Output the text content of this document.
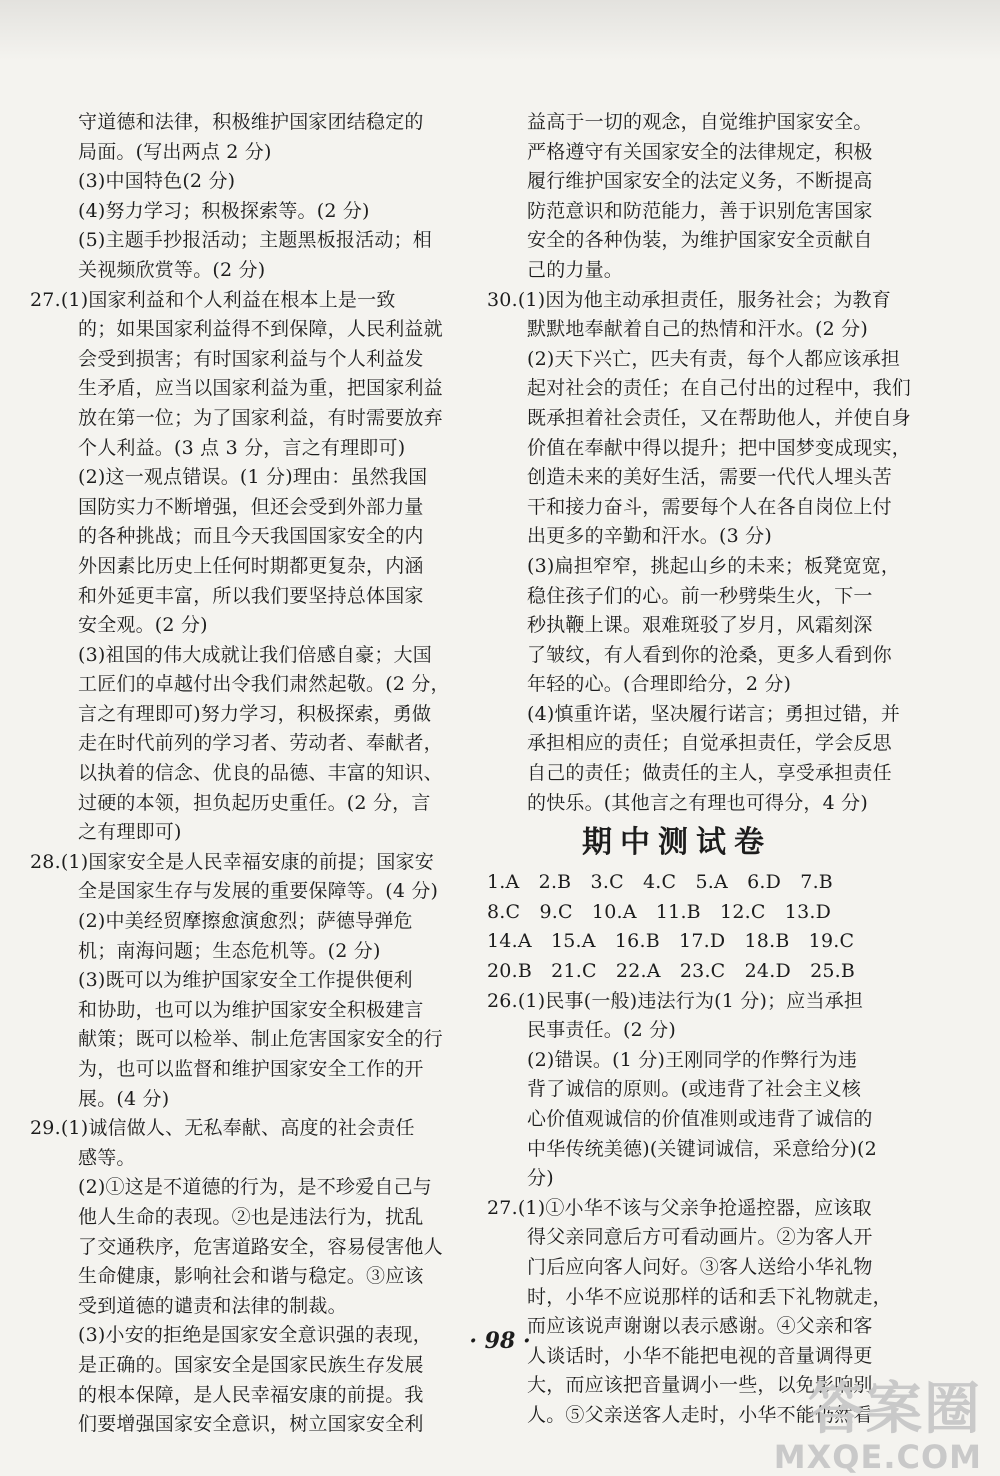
守道德和法律，积极维护国家团结稳定的
局面。(写出两点 2 分)
(3)中国特色(2 分)
(4)努力学习；积极探索等。(2 分)
(5)主题手抄报活动；主题黑板报活动；相
关视频欣赏等。(2 分)
27.(1)国家利益和个人利益在根本上是一致
的；如果国家利益得不到保障，人民利益就
会受到损害；有时国家利益与个人利益发
生矛盾，应当以国家利益为重，把国家利益
放在第一位；为了国家利益，有时需要放弃
个人利益。(3 点 3 分，言之有理即可)
(2)这一观点错误。(1 分)理由：虽然我国
国防实力不断增强，但还会受到外部力量
的各种挑战；而且今天我国国家安全的内
外因素比历史上任何时期都更复杂，内涵
和外延更丰富，所以我们要坚持总体国家
安全观。(2 分)
(3)祖国的伟大成就让我们倍感自豪；大国
工匠们的卓越付出令我们肃然起敬。(2 分，
言之有理即可)努力学习，积极探索，勇做
走在时代前列的学习者、劳动者、奉献者，
以执着的信念、优良的品德、丰富的知识、
过硬的本领，担负起历史重任。(2 分，言
之有理即可)
28.(1)国家安全是人民幸福安康的前提；国家安
全是国家生存与发展的重要保障等。(4 分)
(2)中美经贸摩擦愈演愈烈；萨德导弹危
机；南海问题；生态危机等。(2 分)
(3)既可以为维护国家安全工作提供便利
和协助，也可以为维护国家安全积极建言
献策；既可以检举、制止危害国家安全的行
为，也可以监督和维护国家安全工作的开
展。(4 分)
29.(1)诚信做人、无私奉献、高度的社会责任
感等。
(2)①这是不道德的行为，是不珍爱自己与
他人生命的表现。②也是违法行为，扰乱
了交通秩序，危害道路安全，容易侵害他人
生命健康，影响社会和谐与稳定。③应该
受到道德的谴责和法律的制裁。
(3)小安的拒绝是国家安全意识强的表现，
是正确的。国家安全是国家民族生存发展
的根本保障，是人民幸福安康的前提。我
们要增强国家安全意识，树立国家安全利
益高于一切的观念，自觉维护国家安全。
严格遵守有关国家安全的法律规定，积极
履行维护国家安全的法定义务，不断提高
防范意识和防范能力，善于识别危害国家
安全的各种伪装，为维护国家安全贡献自
己的力量。
30.(1)因为他主动承担责任，服务社会；为教育
默默地奉献着自己的热情和汗水。(2 分)
(2)天下兴亡，匹夫有责，每个人都应该承担
起对社会的责任；在自己付出的过程中，我们
既承担着社会责任，又在帮助他人，并使自身
价值在奉献中得以提升；把中国梦变成现实，
创造未来的美好生活，需要一代代人埋头苦
干和接力奋斗，需要每个人在各自岗位上付
出更多的辛勤和汗水。(3 分)
(3)扁担窄窄，挑起山乡的未来；板凳宽宽，
稳住孩子们的心。前一秒劈柴生火，下一
秒执鞭上课。艰难斑驳了岁月，风霜刻深
了皱纹，有人看到你的沧桑，更多人看到你
年轻的心。(合理即给分，2 分)
(4)慎重许诺，坚决履行诺言；勇担过错，并
承担相应的责任；自觉承担责任，学会反思
自己的责任；做责任的主人，享受承担责任
的快乐。(其他言之有理也可得分，4 分)
期中测试卷
1.A　2.B　3.C　4.C　5.A　6.D　7.B
8.C　9.C　10.A　11.B　12.C　13.D
14.A　15.A　16.B　17.D　18.B　19.C
20.B　21.C　22.A　23.C　24.D　25.B
26.(1)民事(一般)违法行为(1 分)；应当承担
民事责任。(2 分)
(2)错误。(1 分)王刚同学的作弊行为违
背了诚信的原则。(或违背了社会主义核
心价值观诚信的价值准则或违背了诚信的
中华传统美德)(关键词诚信，采意给分)(2
分)
27.(1)①小华不该与父亲争抢遥控器，应该取
得父亲同意后方可看动画片。②为客人开
门后应向客人问好。③客人送给小华礼物
时，小华不应说那样的话和丢下礼物就走，
而应该说声谢谢以表示感谢。④父亲和客
人谈话时，小华不能把电视的音量调得更
大，而应该把音量调小一些，以免影响别
人。⑤父亲送客人走时，小华不能仍然看
· 98 ·
答案圈
MXQE.COM
